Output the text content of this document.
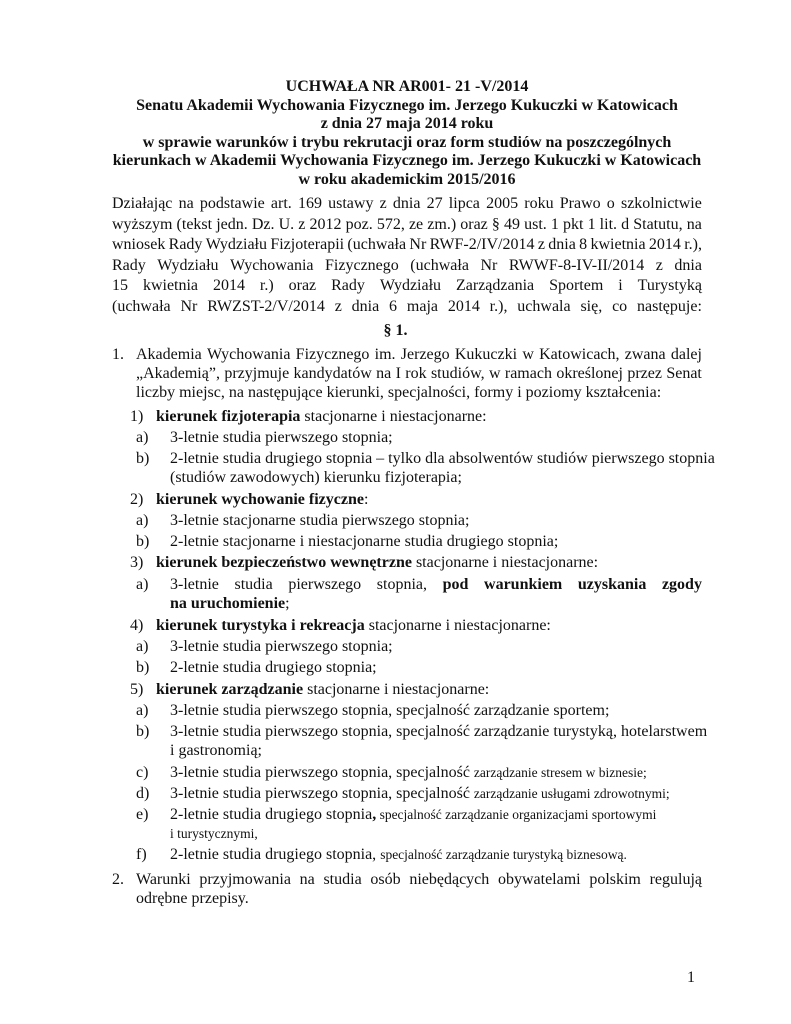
UCHWAŁA NR AR001- 21 -V/2014
Senatu Akademii Wychowania Fizycznego im. Jerzego Kukuczki w Katowicach
z dnia 27 maja 2014 roku
w sprawie warunków i trybu rekrutacji oraz form studiów na poszczególnych
kierunkach w Akademii Wychowania Fizycznego im. Jerzego Kukuczki w Katowicach
w roku akademickim 2015/2016
Działając na podstawie art. 169 ustawy z dnia 27 lipca 2005 roku Prawo o szkolnictwie
wyższym (tekst jedn. Dz. U. z 2012 poz. 572, ze zm.) oraz § 49 ust. 1 pkt 1 lit. d Statutu, na
wniosek Rady Wydziału Fizjoterapii (uchwała Nr RWF-2/IV/2014 z dnia 8 kwietnia 2014 r.),
Rady Wydziału Wychowania Fizycznego (uchwała Nr RWWF-8-IV-II/2014 z dnia
15 kwietnia 2014 r.) oraz Rady Wydziału Zarządzania Sportem i Turystyką
(uchwała Nr RWZST-2/V/2014 z dnia 6 maja 2014 r.), uchwala się, co następuje:
§ 1.
1. Akademia Wychowania Fizycznego im. Jerzego Kukuczki w Katowicach, zwana dalej
„Akademią”, przyjmuje kandydatów na I rok studiów, w ramach określonej przez Senat
liczby miejsc, na następujące kierunki, specjalności, formy i poziomy kształcenia:
1) kierunek fizjoterapia stacjonarne i niestacjonarne:
a) 3-letnie studia pierwszego stopnia;
b) 2-letnie studia drugiego stopnia – tylko dla absolwentów studiów pierwszego stopnia
(studiów zawodowych) kierunku fizjoterapia;
2) kierunek wychowanie fizyczne:
a) 3-letnie stacjonarne studia pierwszego stopnia;
b) 2-letnie stacjonarne i niestacjonarne studia drugiego stopnia;
3) kierunek bezpieczeństwo wewnętrzne stacjonarne i niestacjonarne:
a) 3-letnie studia pierwszego stopnia, pod warunkiem uzyskania zgody
na uruchomienie;
4) kierunek turystyka i rekreacja stacjonarne i niestacjonarne:
a) 3-letnie studia pierwszego stopnia;
b) 2-letnie studia drugiego stopnia;
5) kierunek zarządzanie stacjonarne i niestacjonarne:
a) 3-letnie studia pierwszego stopnia, specjalność zarządzanie sportem;
b) 3-letnie studia pierwszego stopnia, specjalność zarządzanie turystyką, hotelarstwem
i gastronomią;
c) 3-letnie studia pierwszego stopnia, specjalność zarządzanie stresem w biznesie;
d) 3-letnie studia pierwszego stopnia, specjalność zarządzanie usługami zdrowotnymi;
e) 2-letnie studia drugiego stopnia, specjalność zarządzanie organizacjami sportowymi
i turystycznymi,
f) 2-letnie studia drugiego stopnia, specjalność zarządzanie turystyką biznesową.
2. Warunki przyjmowania na studia osób niebędących obywatelami polskim regulują
odrębne przepisy.
1
